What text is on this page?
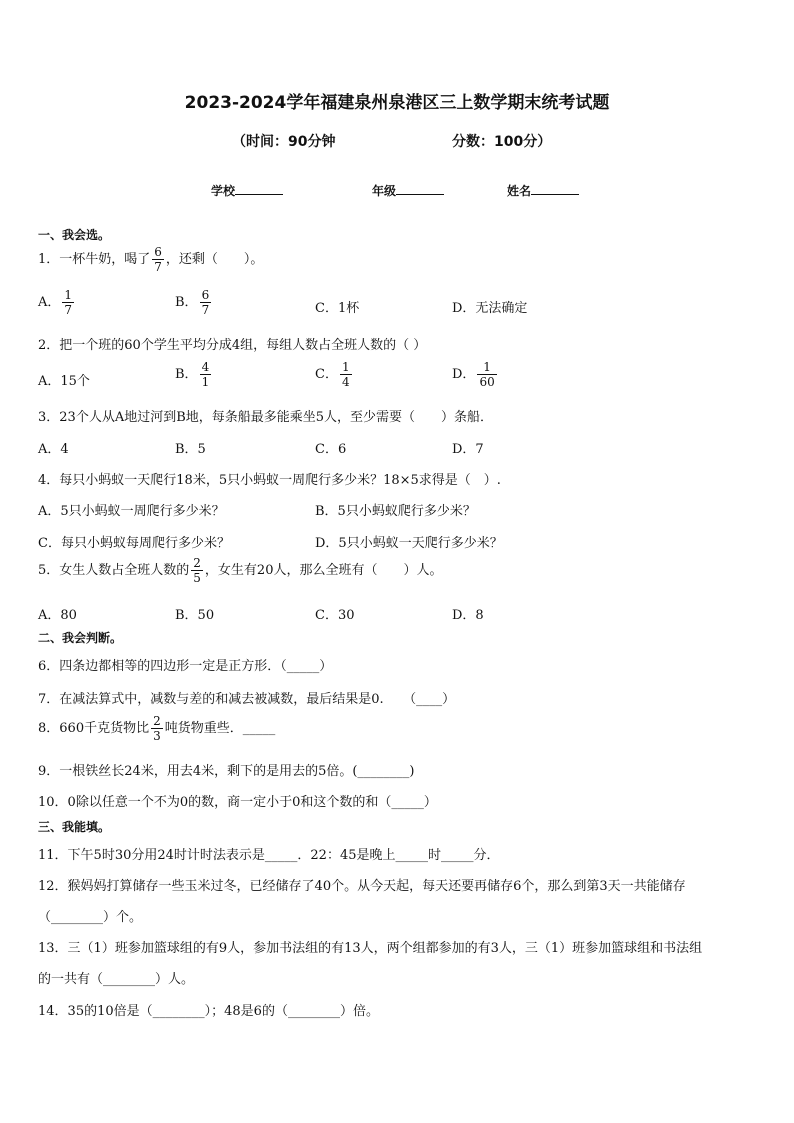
2023-2024学年福建泉州泉港区三上数学期末统考试题
（时间：90分钟	分数：100分）
学校	年级	姓名
一、我会选。
1．一杯牛奶，喝了 $\frac{6}{7}$ ，还剩（　　）。
A． $\frac{1}{7}$	B． $\frac{6}{7}$	C．1杯	D．无法确定
2．把一个班的60个学生平均分成4组，每组人数占全班人数的（ ）
A．15个	B． $\frac{4}{1}$	C． $\frac{1}{4}$	D． $\frac{1}{60}$
3．23个人从A地过河到B地，每条船最多能乘坐5人，至少需要（　　）条船．
A．4	B．5	C．6	D．7
4．每只小蚂蚁一天爬行18米，5只小蚂蚁一周爬行多少米？18×5求得是（　）.
A．5只小蚂蚁一周爬行多少米？	B．5只小蚂蚁爬行多少米？
C．每只小蚂蚁每周爬行多少米？	D．5只小蚂蚁一天爬行多少米？
5．女生人数占全班人数的 $\frac{2}{5}$ ，女生有20人，那么全班有（　　）人。
A．80	B．50	C．30	D．8
二、我会判断。
6．四条边都相等的四边形一定是正方形．（_____）
7．在减法算式中，减数与差的和减去被减数，最后结果是0.　　（____）
8．660千克货物比 $\frac{2}{3}$ 吨货物重些．_____
9．一根铁丝长24米，用去4米，剩下的是用去的5倍。(________)
10．0除以任意一个不为0的数，商一定小于0和这个数的和（_____）
三、我能填。
11．下午5时30分用24时计时法表示是_____．22：45是晚上_____时_____分．
12．猴妈妈打算储存一些玉米过冬，已经储存了40个。从今天起，每天还要再储存6个，那么到第3天一共能储存
（________）个。
13．三（1）班参加篮球组的有9人，参加书法组的有13人，两个组都参加的有3人，三（1）班参加篮球组和书法组
的一共有（________）人。
14．35的10倍是（________）；48是6的（________）倍。
